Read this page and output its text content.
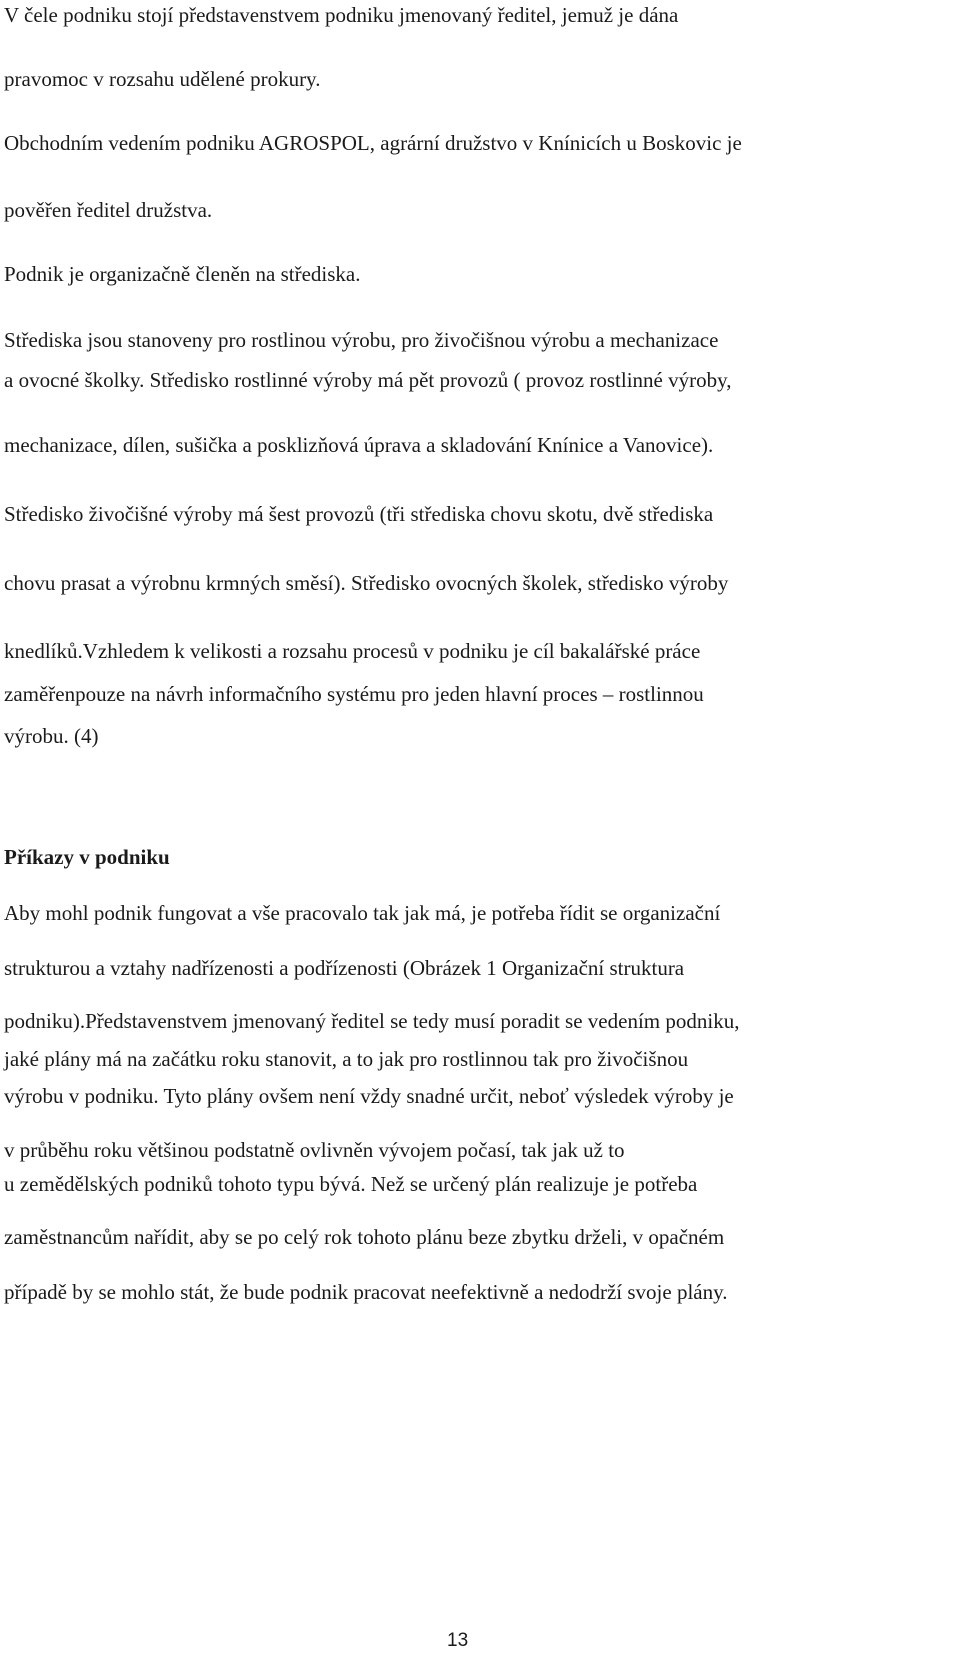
V čele podniku stojí představenstvem podniku jmenovaný ředitel, jemuž je dána
pravomoc v rozsahu udělené prokury.
Obchodním vedením podniku AGROSPOL, agrární družstvo v Knínicích u Boskovic je
pověřen ředitel družstva.
Podnik je organizačně členěn na střediska.
Střediska jsou stanoveny pro rostlinou výrobu, pro živočišnou výrobu a mechanizace
a ovocné školky. Středisko rostlinné výroby má pět provozů ( provoz rostlinné výroby,
mechanizace, dílen, sušička a posklizňová úprava a skladování Knínice a Vanovice).
Středisko živočišné výroby má šest provozů (tři střediska chovu skotu, dvě střediska
chovu prasat a výrobnu krmných směsí). Středisko ovocných školek, středisko výroby
knedlíků.Vzhledem k velikosti a rozsahu procesů v podniku je cíl bakalářské práce
zaměřenpouze na návrh informačního systému pro jeden hlavní proces – rostlinnou
výrobu. (4)
Příkazy v podniku
Aby mohl podnik fungovat a vše pracovalo tak jak má, je potřeba řídit se organizační
strukturou a vztahy nadřízenosti a podřízenosti (Obrázek 1 Organizační struktura
podniku).Představenstvem jmenovaný ředitel se tedy musí poradit se vedením podniku,
jaké plány má na začátku roku stanovit, a to jak pro rostlinnou tak pro živočišnou
výrobu v podniku. Tyto plány ovšem není vždy snadné určit, neboť výsledek výroby je
v průběhu roku většinou podstatně ovlivněn vývojem počasí, tak jak už to
u zemědělských podniků tohoto typu bývá. Než se určený plán realizuje je potřeba
zaměstnancům nařídit, aby se po celý rok tohoto plánu beze zbytku drželi, v opačném
případě by se mohlo stát, že bude podnik pracovat neefektivně a nedodrží svoje plány.
13
